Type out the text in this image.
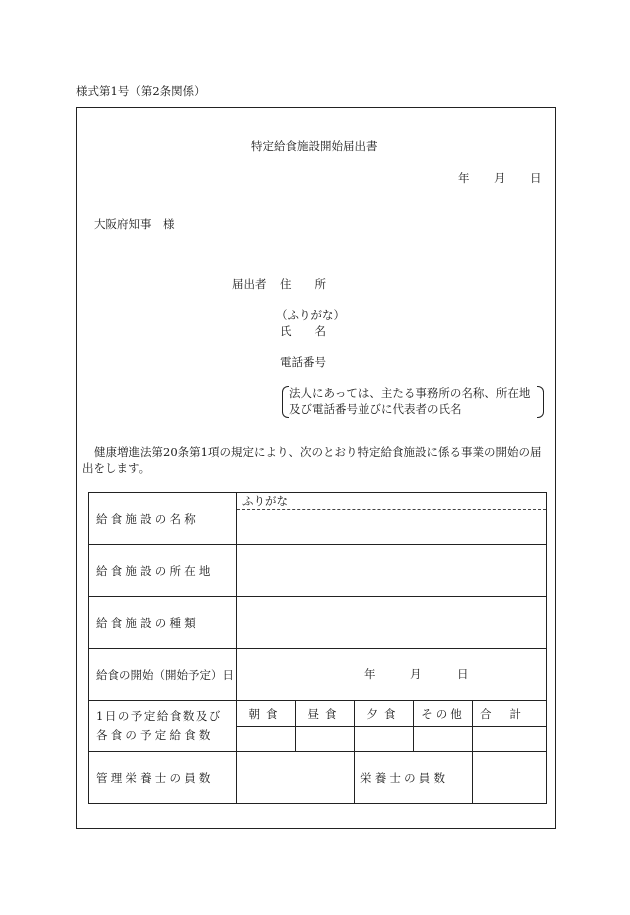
様式第1号（第2条関係）
特定給食施設開始届出書
年 月 日
大阪府知事　様
届出者 住　　所
（ふりがな）
氏　　名
電話番号
法人にあっては、主たる事務所の名称、所在地
及び電話番号並びに代表者の氏名
健康増進法第20条第1項の規定により、次のとおり特定給食施設に係る事業の開始の届
出をします。
給食施設の名称	ふりがな				

給食施設の所在地					
給食施設の種類					
給食の開始（開始予定）日	年 月 日				

1日の予定給食数及び
各食の予定給食数	朝食	昼食	夕食	その他	合計

管理栄養士の員数			栄養士の員数		
